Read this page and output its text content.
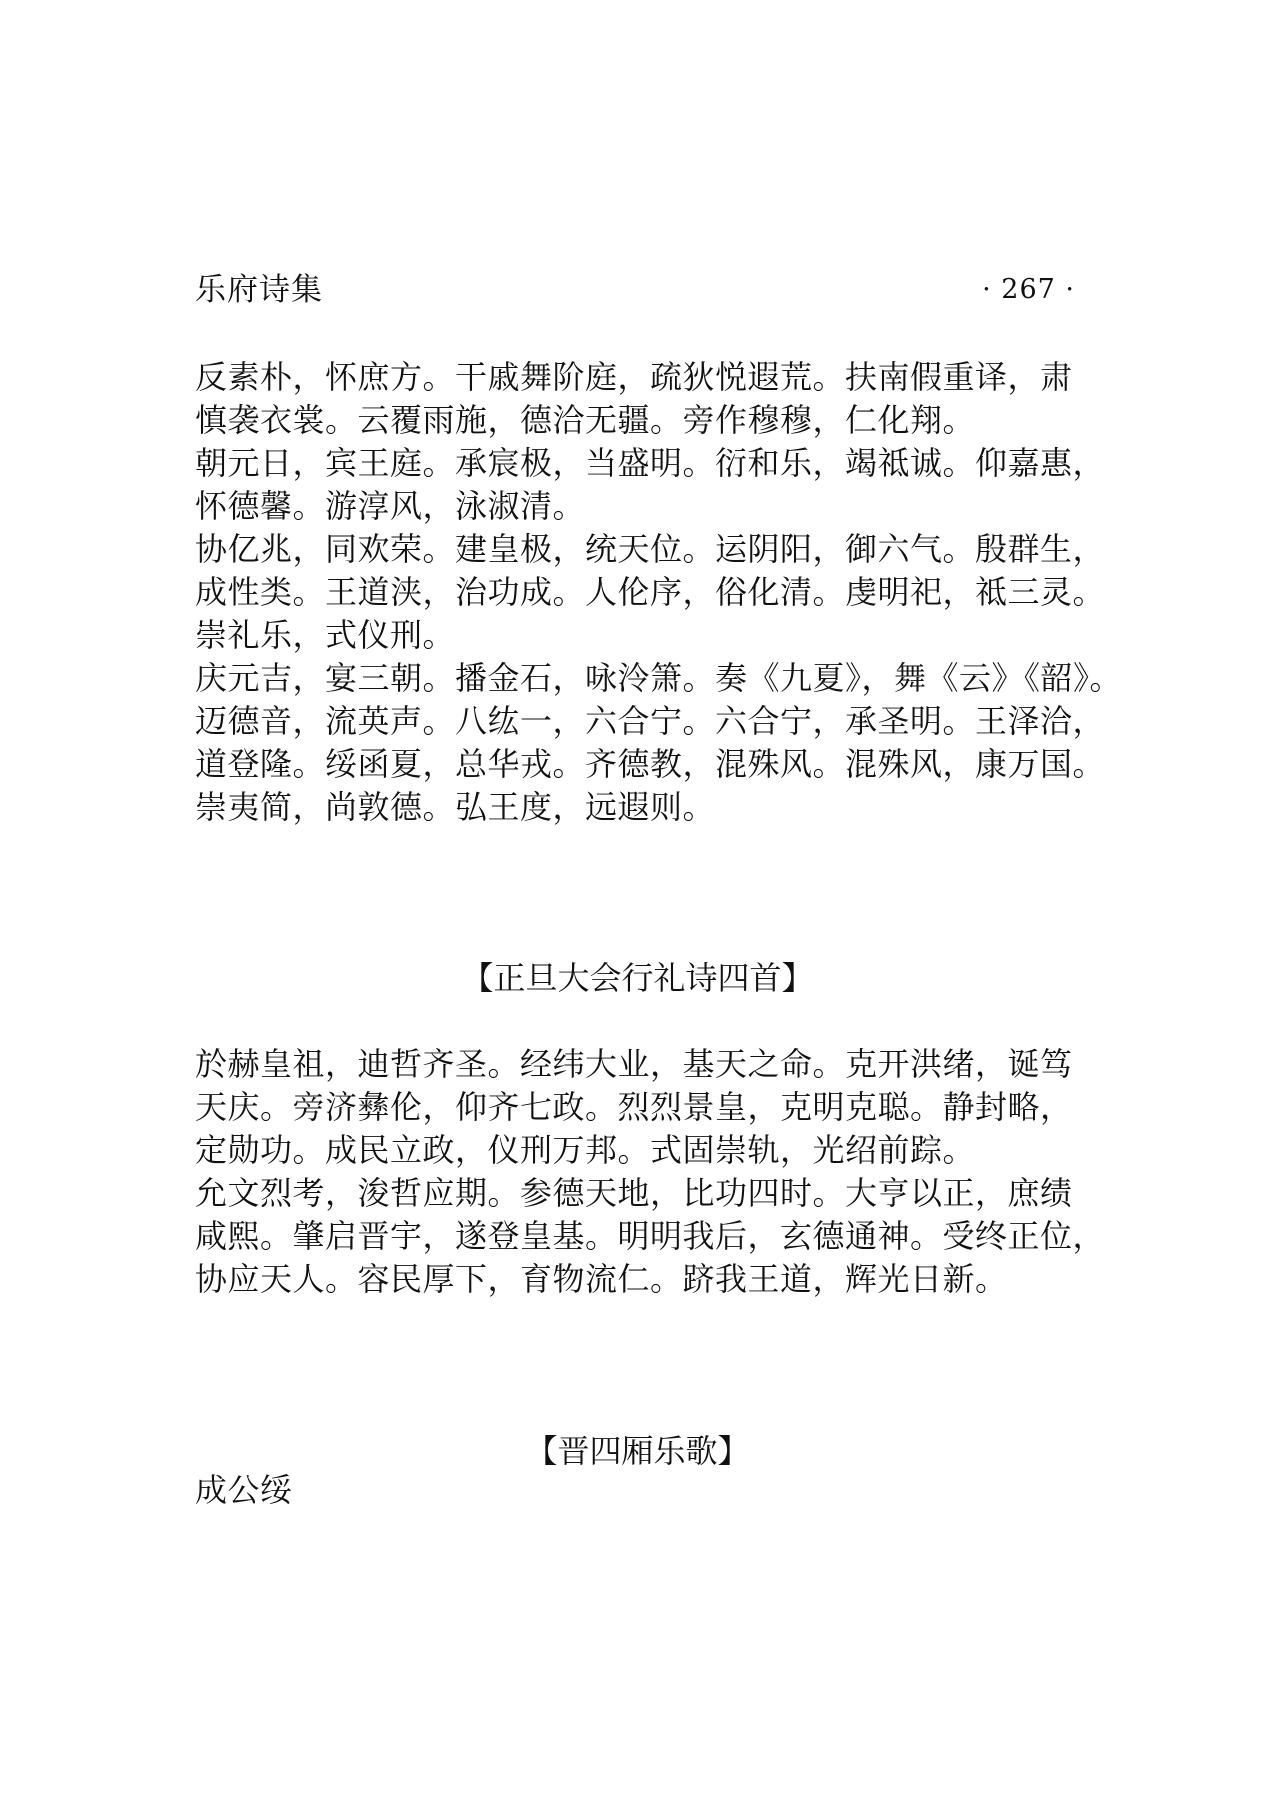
乐府诗集	· 267 ·
反素朴，怀庶方。干戚舞阶庭，疏狄悦遐荒。扶南假重译，肃
慎袭衣裳。云覆雨施，德洽无疆。旁作穆穆，仁化翔。
朝元日，宾王庭。承宸极，当盛明。衍和乐，竭祗诚。仰嘉惠，
怀德馨。游淳风，泳淑清。
协亿兆，同欢荣。建皇极，统天位。运阴阳，御六气。殷群生，
成性类。王道浃，治功成。人伦序，俗化清。虔明祀，祗三灵。
崇礼乐，式仪刑。
庆元吉，宴三朝。播金石，咏泠箫。奏《九夏》，舞《云》《韶》。
迈德音，流英声。八纮一，六合宁。六合宁，承圣明。王泽洽，
道登隆。绥函夏，总华戎。齐德教，混殊风。混殊风，康万国。
崇夷简，尚敦德。弘王度，远遐则。
【正旦大会行礼诗四首】
於赫皇祖，迪哲齐圣。经纬大业，基天之命。克开洪绪，诞笃
天庆。旁济彝伦，仰齐七政。烈烈景皇，克明克聪。静封略，
定勋功。成民立政，仪刑万邦。式固崇轨，光绍前踪。
允文烈考，浚哲应期。参德天地，比功四时。大亨以正，庶绩
咸熙。肇启晋宇，遂登皇基。明明我后，玄德通神。受终正位，
协应天人。容民厚下，育物流仁。跻我王道，辉光日新。
【晋四厢乐歌】
成公绥
